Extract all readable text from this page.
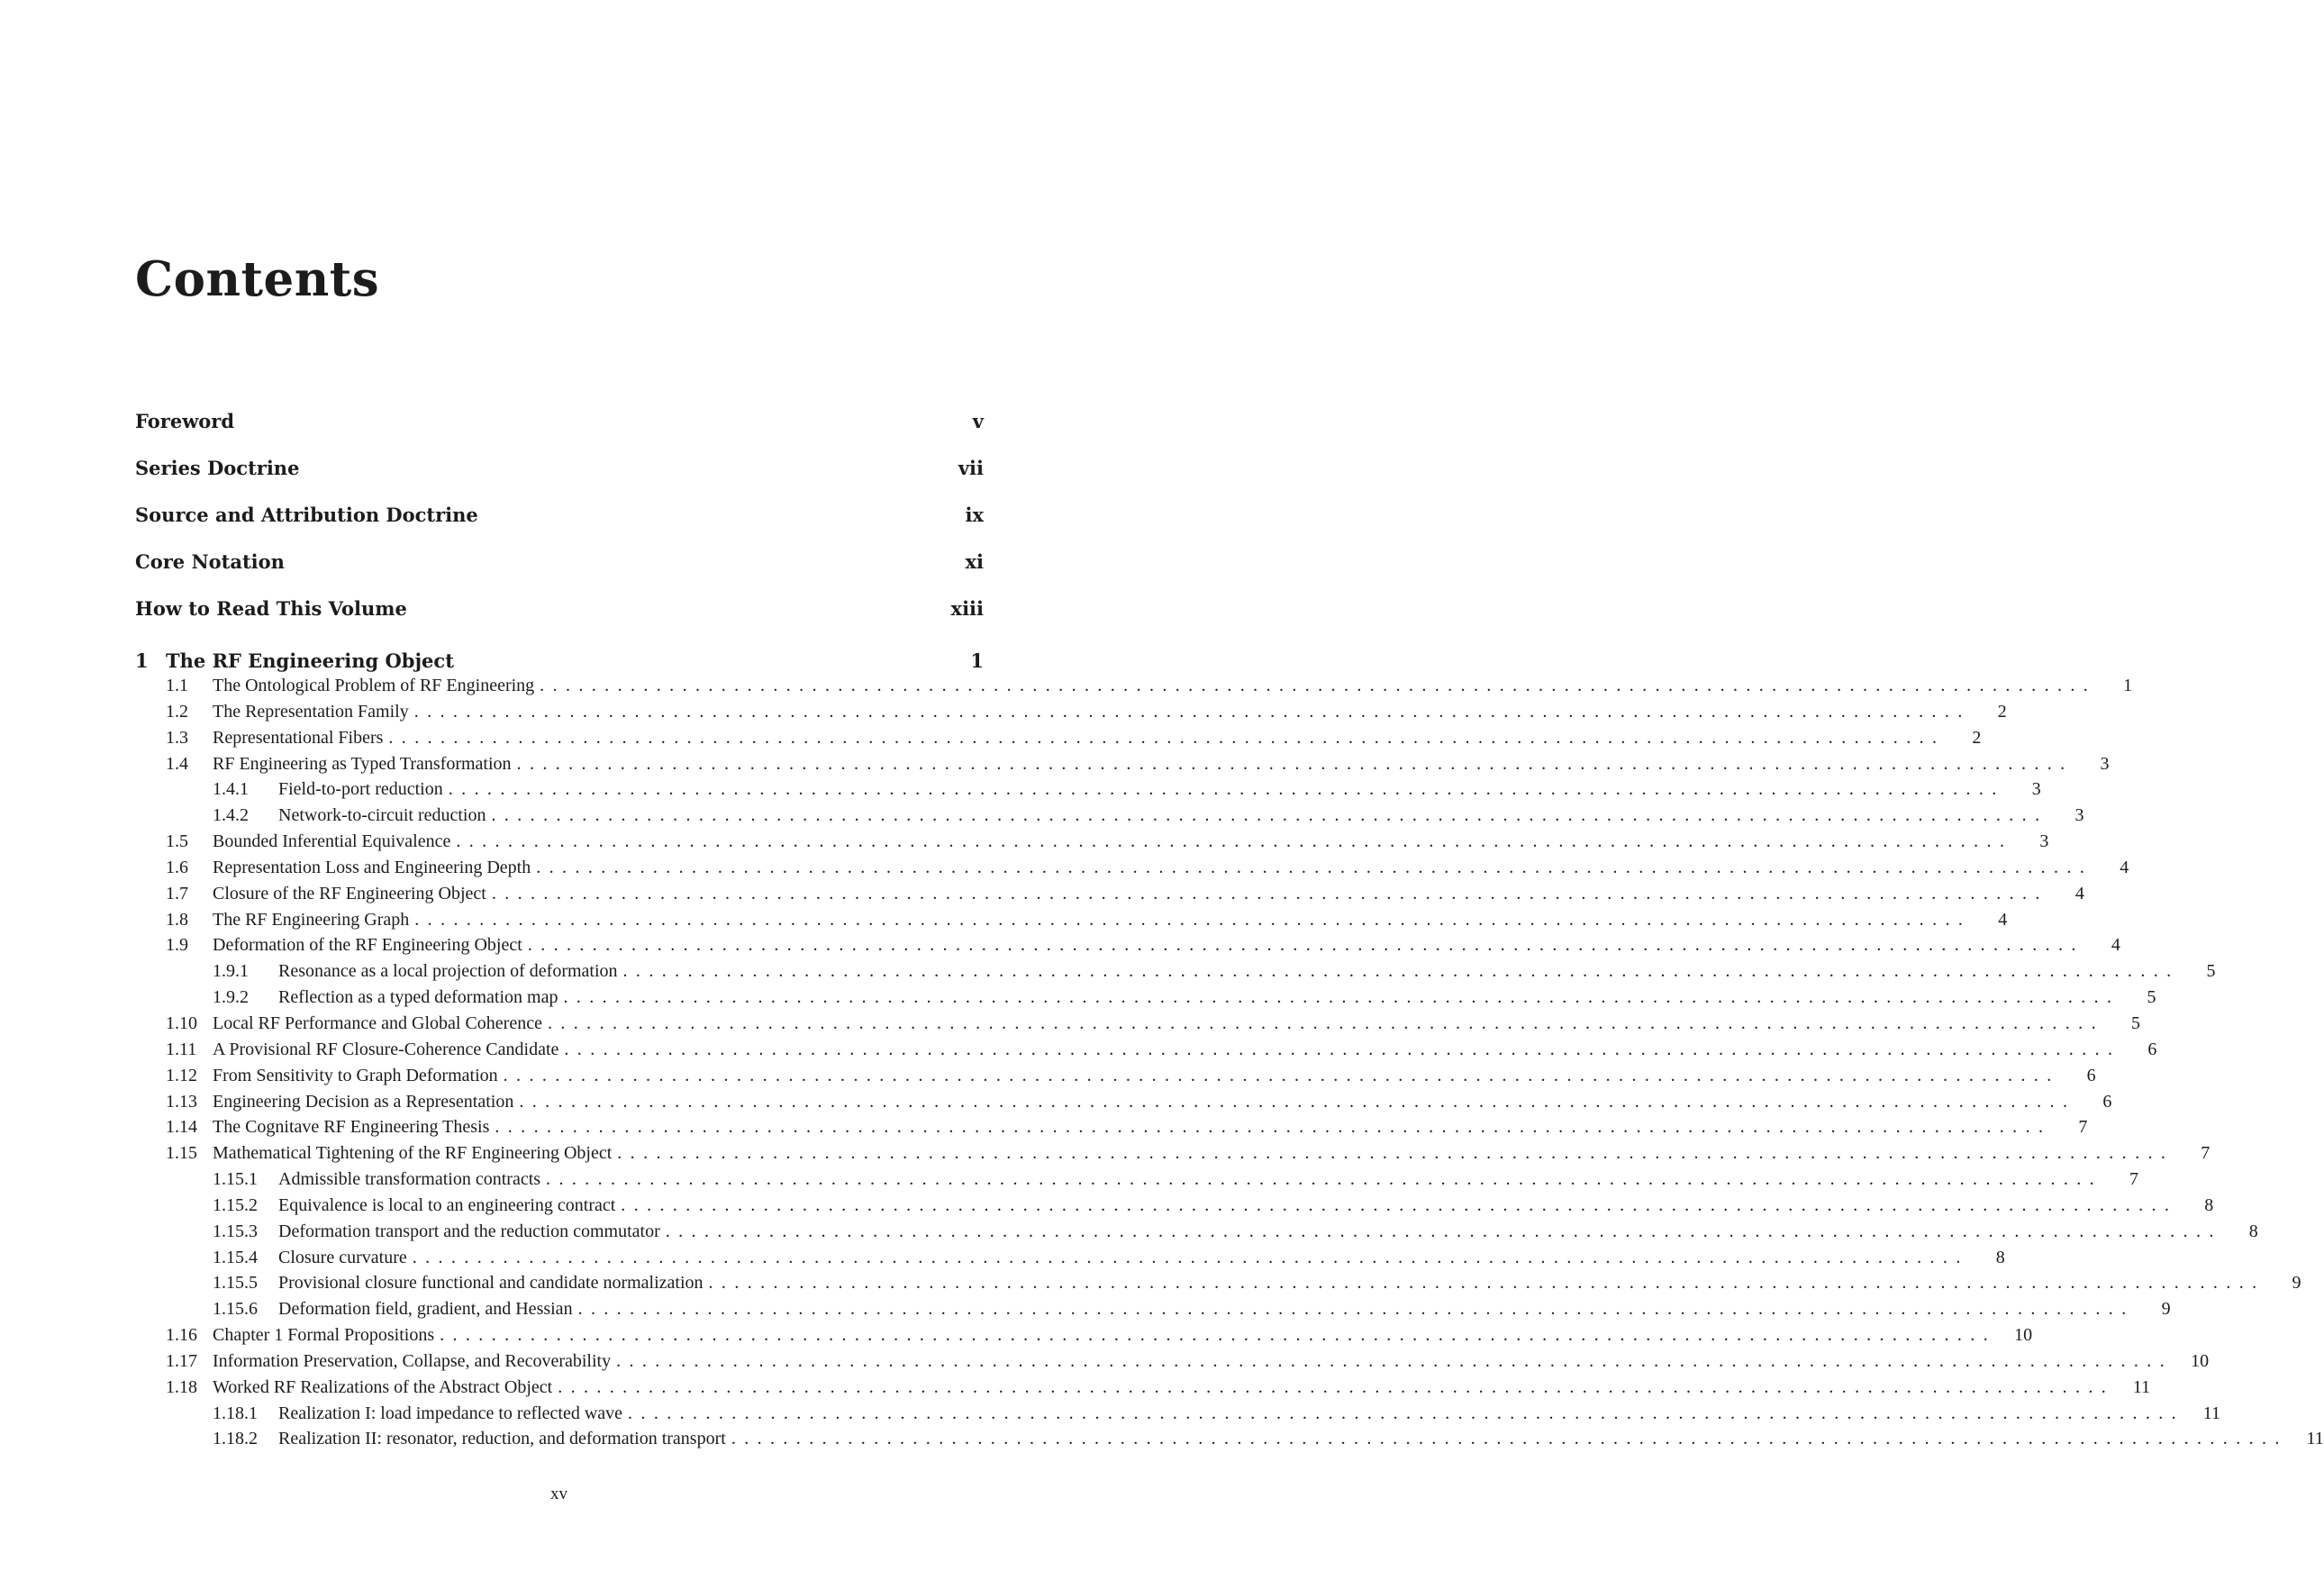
Contents
Foreword	v
Series Doctrine	vii
Source and Attribution Doctrine	ix
Core Notation	xi
How to Read This Volume	xiii
1 The RF Engineering Object	1
1.1	The Ontological Problem of RF Engineering ........................................................................................................................	1
1.2	The Representation Family ........................................................................................................................	2
1.3	Representational Fibers ........................................................................................................................	2
1.4	RF Engineering as Typed Transformation ........................................................................................................................	3
1.4.1	Field-to-port reduction ........................................................................................................................	3
1.4.2	Network-to-circuit reduction ........................................................................................................................	3
1.5	Bounded Inferential Equivalence ........................................................................................................................	3
1.6	Representation Loss and Engineering Depth ........................................................................................................................	4
1.7	Closure of the RF Engineering Object ........................................................................................................................	4
1.8	The RF Engineering Graph ........................................................................................................................	4
1.9	Deformation of the RF Engineering Object ........................................................................................................................	4
1.9.1	Resonance as a local projection of deformation ........................................................................................................................	5
1.9.2	Reflection as a typed deformation map ........................................................................................................................	5
1.10 Local RF Performance and Global Coherence ........................................................................................................................	5
1.11 A Provisional RF Closure-Coherence Candidate ........................................................................................................................	6
1.12 From Sensitivity to Graph Deformation ........................................................................................................................	6
1.13 Engineering Decision as a Representation ........................................................................................................................	6
1.14 The Cognitave RF Engineering Thesis ........................................................................................................................	7
1.15 Mathematical Tightening of the RF Engineering Object ........................................................................................................................	7
1.15.1	Admissible transformation contracts ........................................................................................................................	7
1.15.2	Equivalence is local to an engineering contract ........................................................................................................................	8
1.15.3	Deformation transport and the reduction commutator ........................................................................................................................	8
1.15.4	Closure curvature ........................................................................................................................	8
1.15.5	Provisional closure functional and candidate normalization ........................................................................................................................	9
1.15.6	Deformation field, gradient, and Hessian ........................................................................................................................	9
1.16 Chapter 1 Formal Propositions ........................................................................................................................	10
1.17 Information Preservation, Collapse, and Recoverability ........................................................................................................................	10
1.18 Worked RF Realizations of the Abstract Object ........................................................................................................................	11
1.18.1	Realization I: load impedance to reflected wave ........................................................................................................................	11
1.18.2	Realization II: resonator, reduction, and deformation transport ........................................................................................................................	11
xv
